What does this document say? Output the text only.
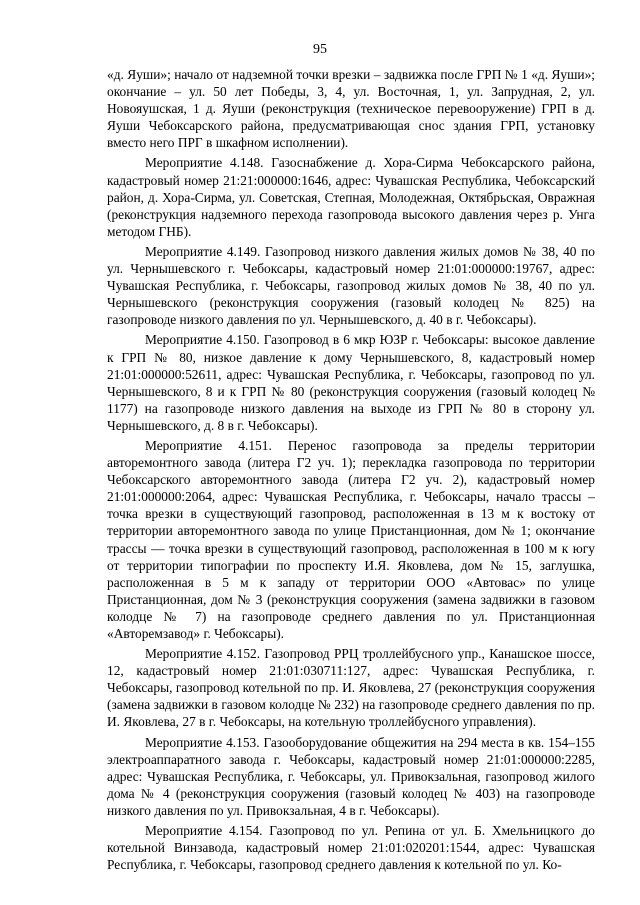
95

«д. Яуши»; начало от надземной точки врезки – задвижка после ГРП № 1 «д. Яуши»; окончание – ул. 50 лет Победы, 3, 4, ул. Восточная, 1, ул. Запрудная, 2, ул. Новояушская, 1 д. Яуши (реконструкция (техническое перевооружение) ГРП в д. Яуши Чебоксарского района, предусматривающая снос здания ГРП, установку вместо него ПРГ в шкафном исполнении).

Мероприятие 4.148. Газоснабжение д. Хора-Сирма Чебоксарского района, кадастровый номер 21:21:000000:1646, адрес: Чувашская Республика, Чебоксарский район, д. Хора-Сирма, ул. Советская, Степная, Молодежная, Октябрьская, Овражная (реконструкция надземного перехода газопровода высокого давления через р. Унга методом ГНБ).

Мероприятие 4.149. Газопровод низкого давления жилых домов № 38, 40 по ул. Чернышевского г. Чебоксары, кадастровый номер 21:01:000000:19767, адрес: Чувашская Республика, г. Чебоксары, газопровод жилых домов № 38, 40 по ул. Чернышевского (реконструкция сооружения (газовый колодец № 825) на газопроводе низкого давления по ул. Чернышевского, д. 40 в г. Чебоксары).

Мероприятие 4.150. Газопровод в 6 мкр ЮЗР г. Чебоксары: высокое давление к ГРП № 80, низкое давление к дому Чернышевского, 8, кадастровый номер 21:01:000000:52611, адрес: Чувашская Республика, г. Чебоксары, газопровод по ул. Чернышевского, 8 и к ГРП № 80 (реконструкция сооружения (газовый колодец № 1177) на газопроводе низкого давления на выходе из ГРП № 80 в сторону ул. Чернышевского, д. 8 в г. Чебоксары).

Мероприятие 4.151. Перенос газопровода за пределы территории авторемонтного завода (литера Г2 уч. 1); перекладка газопровода по территории Чебоксарского авторемонтного завода (литера Г2 уч. 2), кадастровый номер 21:01:000000:2064, адрес: Чувашская Республика, г. Чебоксары, начало трассы – точка врезки в существующий газопровод, расположенная в 13 м к востоку от территории авторемонтного завода по улице Пристанционная, дом № 1; окончание трассы — точка врезки в существующий газопровод, расположенная в 100 м к югу от территории типографии по проспекту И.Я. Яковлева, дом № 15, заглушка, расположенная в 5 м к западу от территории ООО «Автовас» по улице Пристанционная, дом № 3 (реконструкция сооружения (замена задвижки в газовом колодце № 7) на газопроводе среднего давления по ул. Пристанционная «Авторемзавод» г. Чебоксары).

Мероприятие 4.152. Газопровод РРЦ троллейбусного упр., Канашское шоссе, 12, кадастровый номер 21:01:030711:127, адрес: Чувашская Республика, г. Чебоксары, газопровод котельной по пр. И. Яковлева, 27 (реконструкция сооружения (замена задвижки в газовом колодце № 232) на газопроводе среднего давления по пр. И. Яковлева, 27 в г. Чебоксары, на котельную троллейбусного управления).

Мероприятие 4.153. Газооборудование общежития на 294 места в кв. 154–155 электроаппаратного завода г. Чебоксары, кадастровый номер 21:01:000000:2285, адрес: Чувашская Республика, г. Чебоксары, ул. Привокзальная, газопровод жилого дома № 4 (реконструкция сооружения (газовый колодец № 403) на газопроводе низкого давления по ул. Привокзальная, 4 в г. Чебоксары).

Мероприятие 4.154. Газопровод по ул. Репина от ул. Б. Хмельницкого до котельной Винзавода, кадастровый номер 21:01:020201:1544, адрес: Чувашская Республика, г. Чебоксары, газопровод среднего давления к котельной по ул. Ко-
